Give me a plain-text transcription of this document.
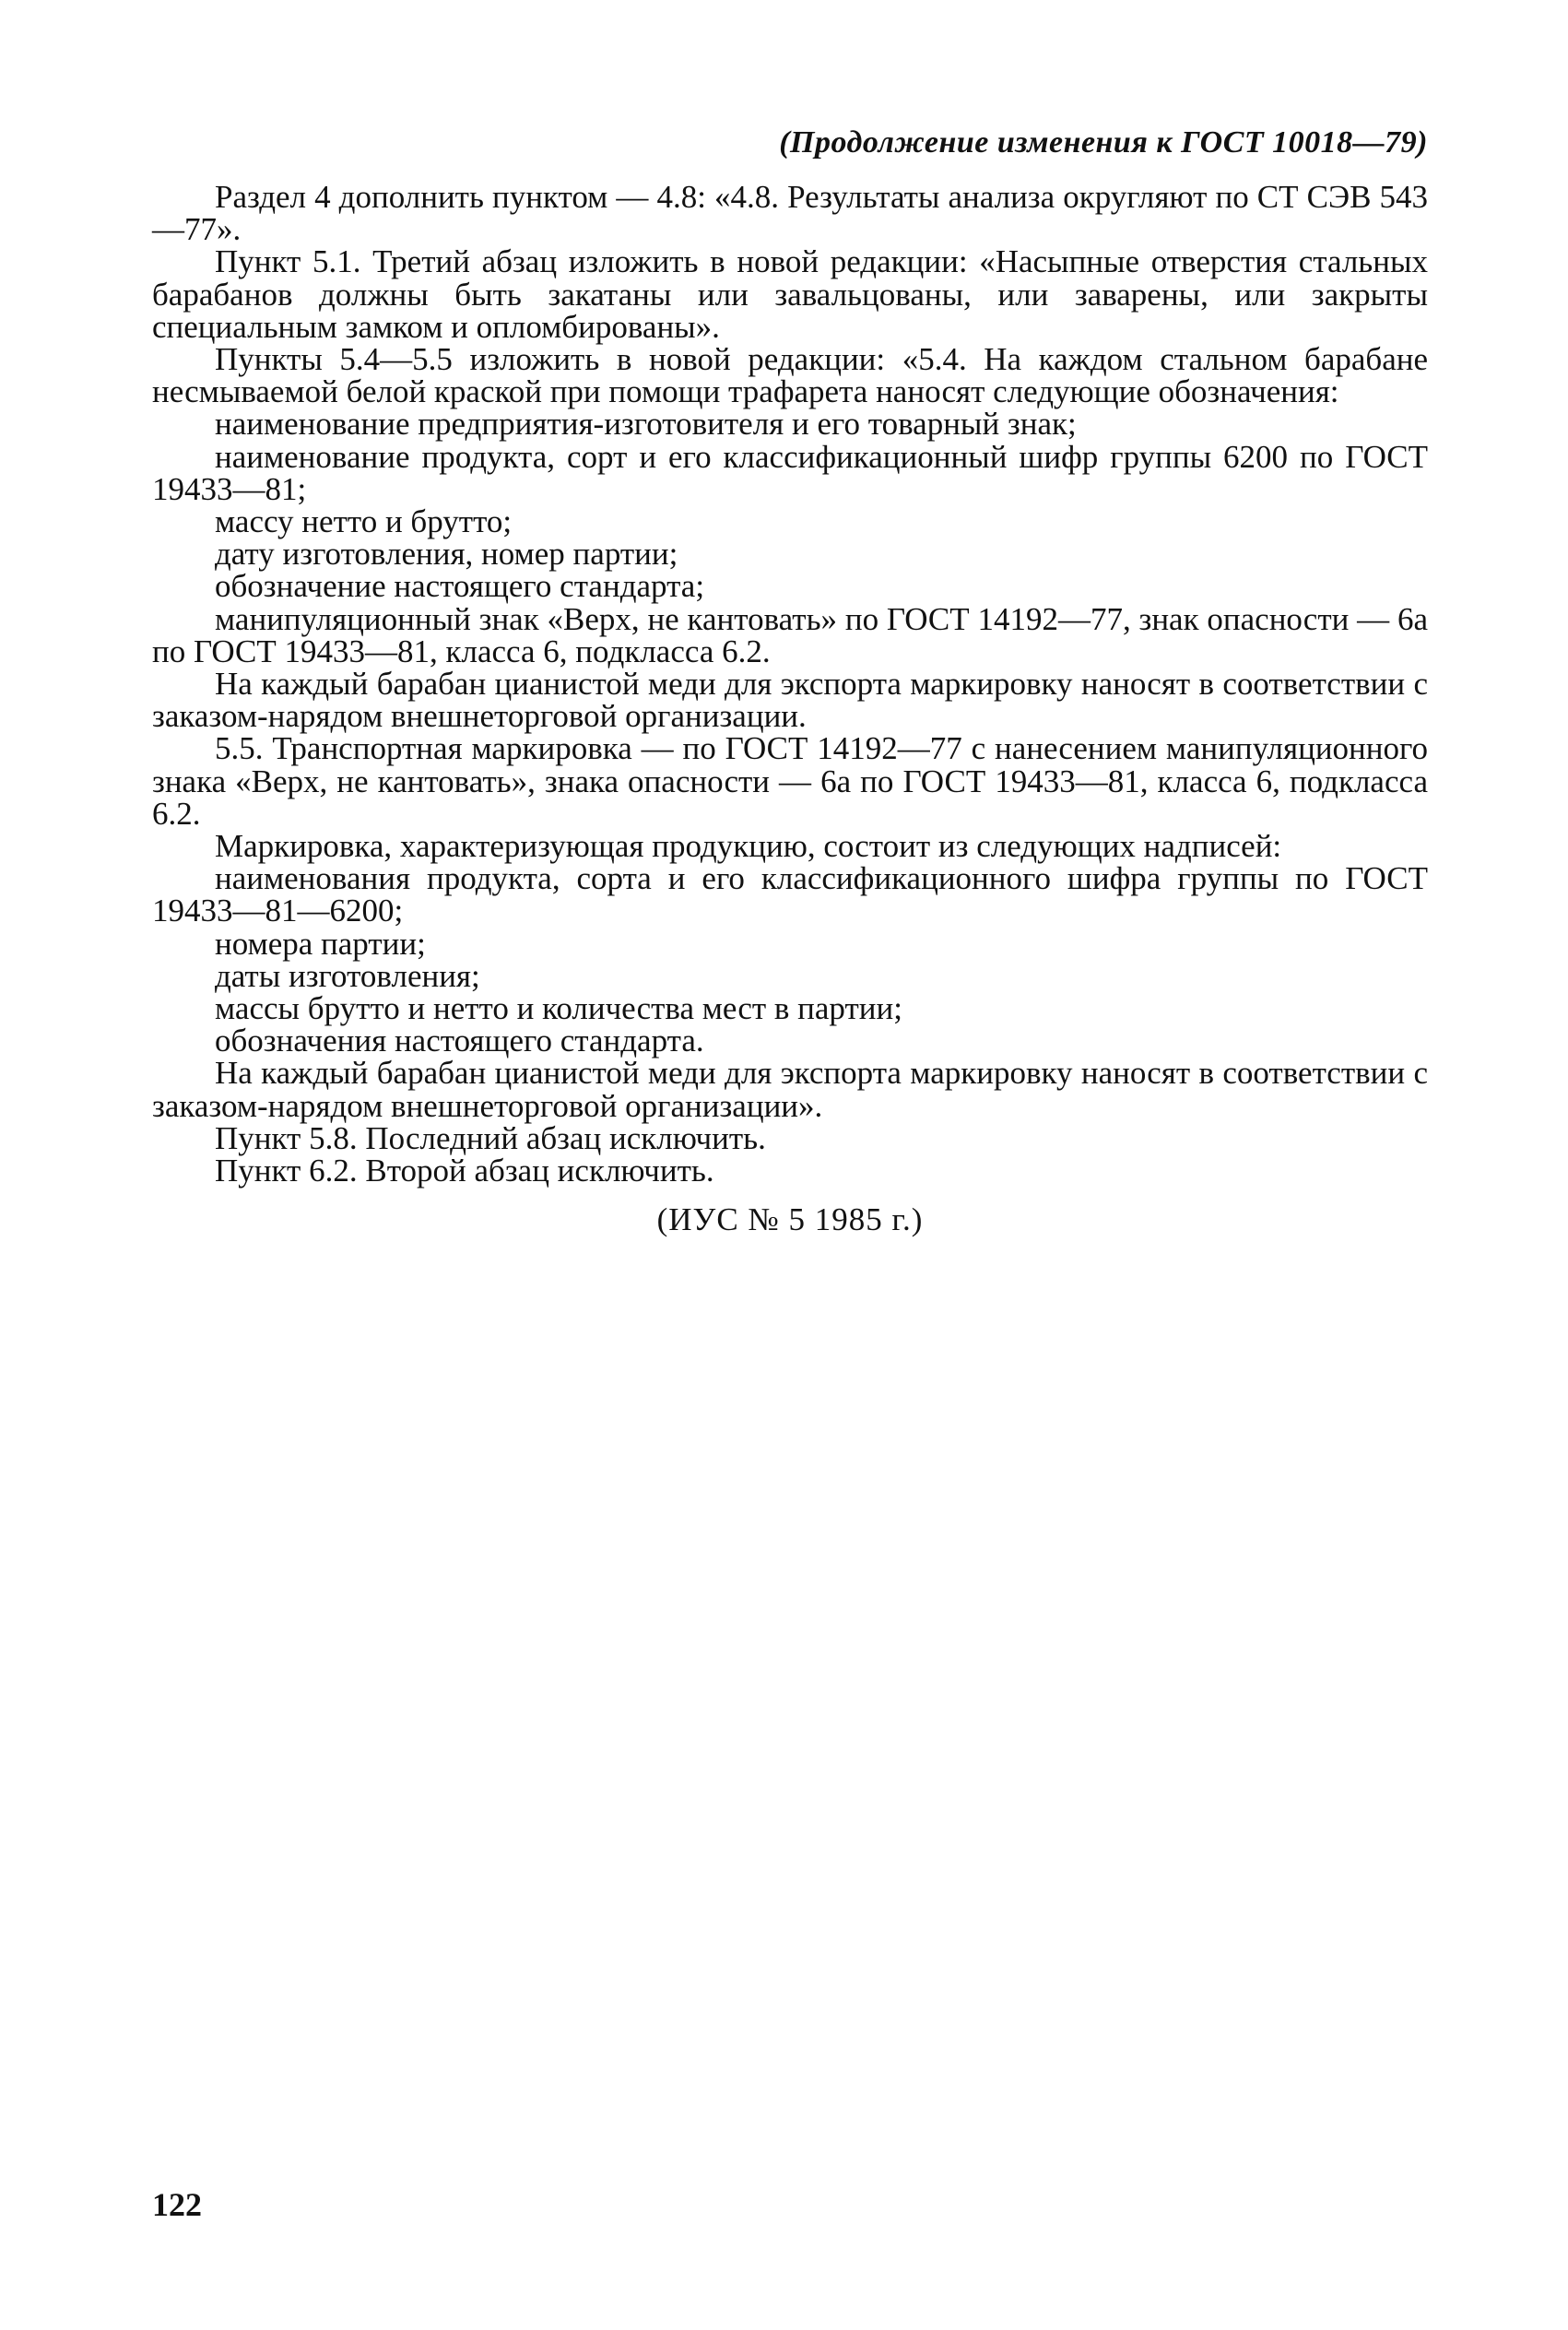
(Продолжение изменения к ГОСТ 10018—79)

Раздел 4 дополнить пунктом — 4.8: «4.8. Результаты анализа округляют по СТ СЭВ 543—77».

Пункт 5.1. Третий абзац изложить в новой редакции: «Насыпные отверстия стальных барабанов должны быть закатаны или завальцованы, или заварены, или закрыты специальным замком и опломбированы».

Пункты 5.4—5.5 изложить в новой редакции: «5.4. На каждом стальном барабане несмываемой белой краской при помощи трафарета наносят следующие обозначения:

наименование предприятия-изготовителя и его товарный знак;

наименование продукта, сорт и его классификационный шифр группы 6200 по ГОСТ 19433—81;

массу нетто и брутто;

дату изготовления, номер партии;

обозначение настоящего стандарта;

манипуляционный знак «Верх, не кантовать» по ГОСТ 14192—77, знак опасности — 6а по ГОСТ 19433—81, класса 6, подкласса 6.2.

На каждый барабан цианистой меди для экспорта маркировку наносят в соответствии с заказом-нарядом внешнеторговой организации.

5.5. Транспортная маркировка — по ГОСТ 14192—77 с нанесением манипуляционного знака «Верх, не кантовать», знака опасности — 6а по ГОСТ 19433—81, класса 6, подкласса 6.2.

Маркировка, характеризующая продукцию, состоит из следующих надписей:

наименования продукта, сорта и его классификационного шифра группы по ГОСТ 19433—81—6200;

номера партии;

даты изготовления;

массы брутто и нетто и количества мест в партии;

обозначения настоящего стандарта.

На каждый барабан цианистой меди для экспорта маркировку наносят в соответствии с заказом-нарядом внешнеторговой организации».

Пункт 5.8. Последний абзац исключить.

Пункт 6.2. Второй абзац исключить.

(ИУС № 5 1985 г.)

122
